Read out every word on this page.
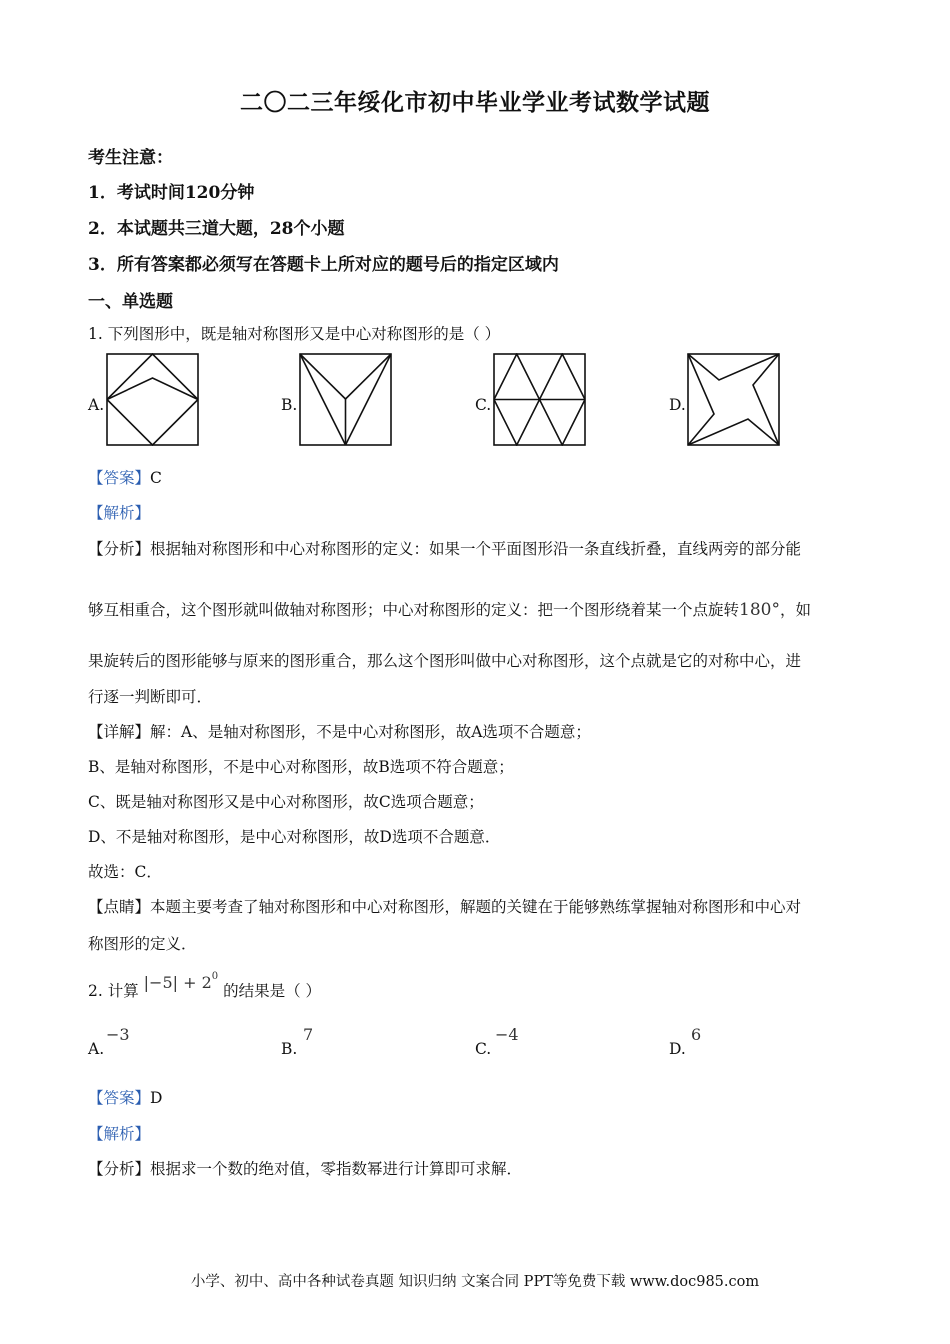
二〇二三年绥化市初中毕业学业考试数学试题
考生注意：
1．考试时间120分钟
2．本试题共三道大题，28个小题
3．所有答案都必须写在答题卡上所对应的题号后的指定区域内
一、单选题
1. 下列图形中，既是轴对称图形又是中心对称图形的是（ ）
A.	B.	C.	D.
【答案】C
【解析】
【分析】根据轴对称图形和中心对称图形的定义：如果一个平面图形沿一条直线折叠，直线两旁的部分能
够互相重合，这个图形就叫做轴对称图形；中心对称图形的定义：把一个图形绕着某一个点旋转180°，如
果旋转后的图形能够与原来的图形重合，那么这个图形叫做中心对称图形，这个点就是它的对称中心，进
行逐一判断即可．
【详解】解：A、是轴对称图形，不是中心对称图形，故A选项不合题意；
B、是轴对称图形，不是中心对称图形，故B选项不符合题意；
C、既是轴对称图形又是中心对称图形，故C选项合题意；
D、不是轴对称图形，是中心对称图形，故D选项不合题意．
故选：C．
【点睛】本题主要考查了轴对称图形和中心对称图形，解题的关键在于能够熟练掌握轴对称图形和中心对
称图形的定义．
2. 计算 $|-5| + 2^0$ 的结果是（ ）
A.
−3
B.
7
C.
−4
D.
6
【答案】D
【解析】
【分析】根据求一个数的绝对值，零指数幂进行计算即可求解．
小学、初中、高中各种试卷真题 知识归纳 文案合同 PPT等免费下载 www.doc985.com
